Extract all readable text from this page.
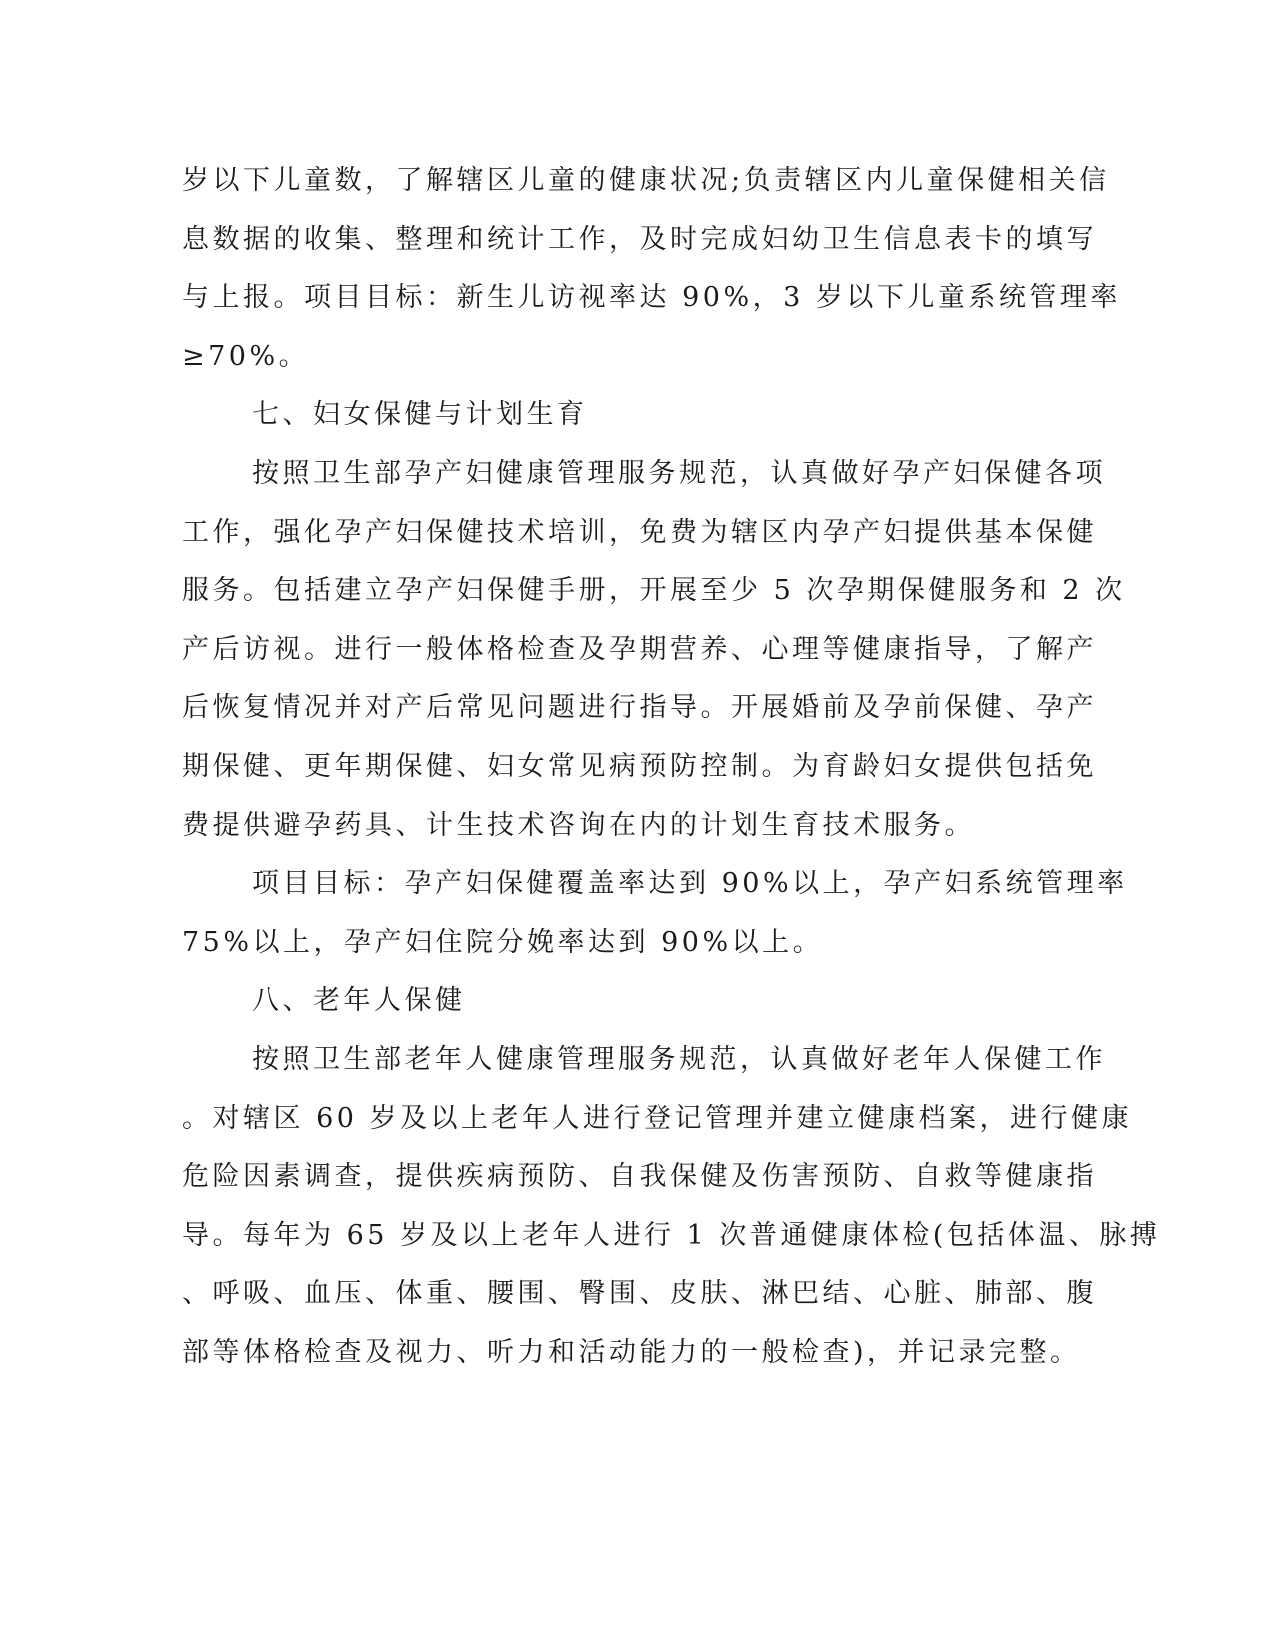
岁以下儿童数，了解辖区儿童的健康状况;负责辖区内儿童保健相关信
息数据的收集、整理和统计工作，及时完成妇幼卫生信息表卡的填写
与上报。项目目标：新生儿访视率达 90%，3 岁以下儿童系统管理率
≥70%。

七、妇女保健与计划生育

按照卫生部孕产妇健康管理服务规范，认真做好孕产妇保健各项
工作，强化孕产妇保健技术培训，免费为辖区内孕产妇提供基本保健
服务。包括建立孕产妇保健手册，开展至少 5 次孕期保健服务和 2 次
产后访视。进行一般体格检查及孕期营养、心理等健康指导，了解产
后恢复情况并对产后常见问题进行指导。开展婚前及孕前保健、孕产
期保健、更年期保健、妇女常见病预防控制。为育龄妇女提供包括免
费提供避孕药具、计生技术咨询在内的计划生育技术服务。

项目目标：孕产妇保健覆盖率达到 90%以上，孕产妇系统管理率
75%以上，孕产妇住院分娩率达到 90%以上。

八、老年人保健

按照卫生部老年人健康管理服务规范，认真做好老年人保健工作
。对辖区 60 岁及以上老年人进行登记管理并建立健康档案，进行健康
危险因素调查，提供疾病预防、自我保健及伤害预防、自救等健康指
导。每年为 65 岁及以上老年人进行 1 次普通健康体检(包括体温、脉搏
、呼吸、血压、体重、腰围、臀围、皮肤、淋巴结、心脏、肺部、腹
部等体格检查及视力、听力和活动能力的一般检查)，并记录完整。
